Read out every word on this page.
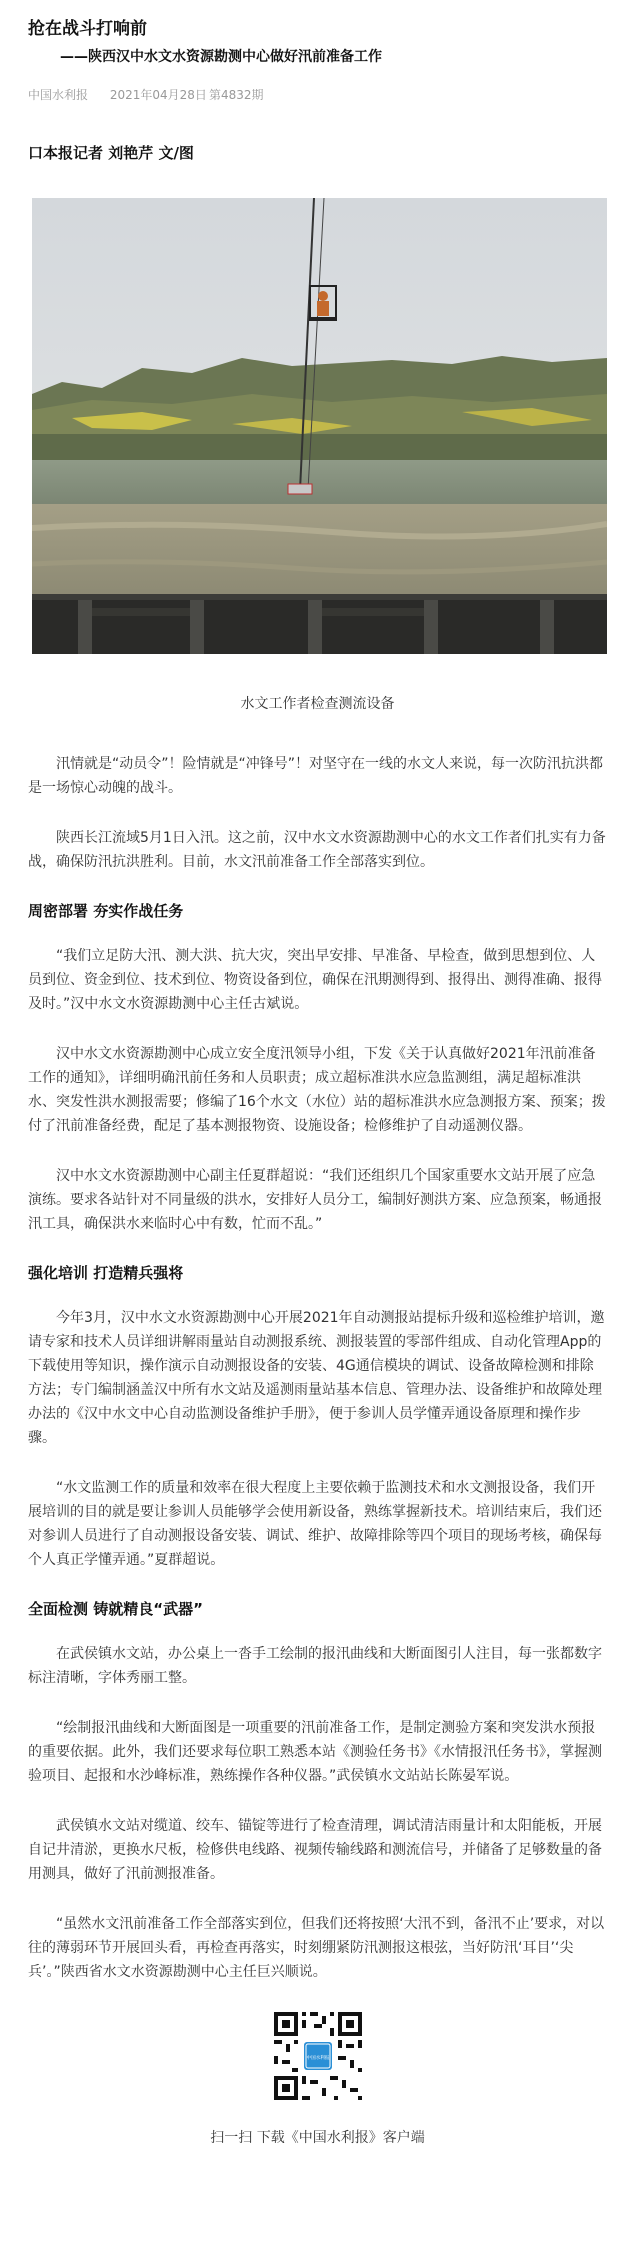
抢在战斗打响前
——陕西汉中水文水资源勘测中心做好汛前准备工作
中国水利报 2021年04月28日 第4832期
口本报记者 刘艳芹 文/图
水文工作者检查测流设备

汛情就是“动员令”！险情就是“冲锋号”！对坚守在一线的水文人来说，每一次防汛抗洪都是一场惊心动魄的战斗。

陕西长江流域5月1日入汛。这之前，汉中水文水资源勘测中心的水文工作者们扎实有力备战，确保防汛抗洪胜利。目前，水文汛前准备工作全部落实到位。

周密部署 夯实作战任务

“我们立足防大汛、测大洪、抗大灾，突出早安排、早准备、早检查，做到思想到位、人员到位、资金到位、技术到位、物资设备到位，确保在汛期测得到、报得出、测得准确、报得及时。”汉中水文水资源勘测中心主任古斌说。

汉中水文水资源勘测中心成立安全度汛领导小组，下发《关于认真做好2021年汛前准备工作的通知》，详细明确汛前任务和人员职责；成立超标准洪水应急监测组，满足超标准洪水、突发性洪水测报需要；修编了16个水文（水位）站的超标准洪水应急测报方案、预案；拨付了汛前准备经费，配足了基本测报物资、设施设备；检修维护了自动遥测仪器。

汉中水文水资源勘测中心副主任夏群超说：“我们还组织几个国家重要水文站开展了应急演练。要求各站针对不同量级的洪水，安排好人员分工，编制好测洪方案、应急预案，畅通报汛工具，确保洪水来临时心中有数，忙而不乱。”

强化培训 打造精兵强将

今年3月，汉中水文水资源勘测中心开展2021年自动测报站提标升级和巡检维护培训，邀请专家和技术人员详细讲解雨量站自动测报系统、测报装置的零部件组成、自动化管理App的下载使用等知识，操作演示自动测报设备的安装、4G通信模块的调试、设备故障检测和排除方法；专门编制涵盖汉中所有水文站及遥测雨量站基本信息、管理办法、设备维护和故障处理办法的《汉中水文中心自动监测设备维护手册》，便于参训人员学懂弄通设备原理和操作步骤。

“水文监测工作的质量和效率在很大程度上主要依赖于监测技术和水文测报设备，我们开展培训的目的就是要让参训人员能够学会使用新设备，熟练掌握新技术。培训结束后，我们还对参训人员进行了自动测报设备安装、调试、维护、故障排除等四个项目的现场考核，确保每个人真正学懂弄通。”夏群超说。

全面检测 铸就精良“武器”

在武侯镇水文站，办公桌上一沓手工绘制的报汛曲线和大断面图引人注目，每一张都数字标注清晰，字体秀丽工整。

“绘制报汛曲线和大断面图是一项重要的汛前准备工作，是制定测验方案和突发洪水预报的重要依据。此外，我们还要求每位职工熟悉本站《测验任务书》《水情报汛任务书》，掌握测验项目、起报和水沙峰标准，熟练操作各种仪器。”武侯镇水文站站长陈晏军说。

武侯镇水文站对缆道、绞车、锚锭等进行了检查清理，调试清洁雨量计和太阳能板，开展自记井清淤，更换水尺板，检修供电线路、视频传输线路和测流信号，并储备了足够数量的备用测具，做好了汛前测报准备。

“虽然水文汛前准备工作全部落实到位，但我们还将按照‘大汛不到，备汛不止’要求，对以往的薄弱环节开展回头看，再检查再落实，时刻绷紧防汛测报这根弦，当好防汛‘耳目’‘尖兵’。”陕西省水文水资源勘测中心主任巨兴顺说。

中国水利报
扫一扫 下载《中国水利报》客户端
